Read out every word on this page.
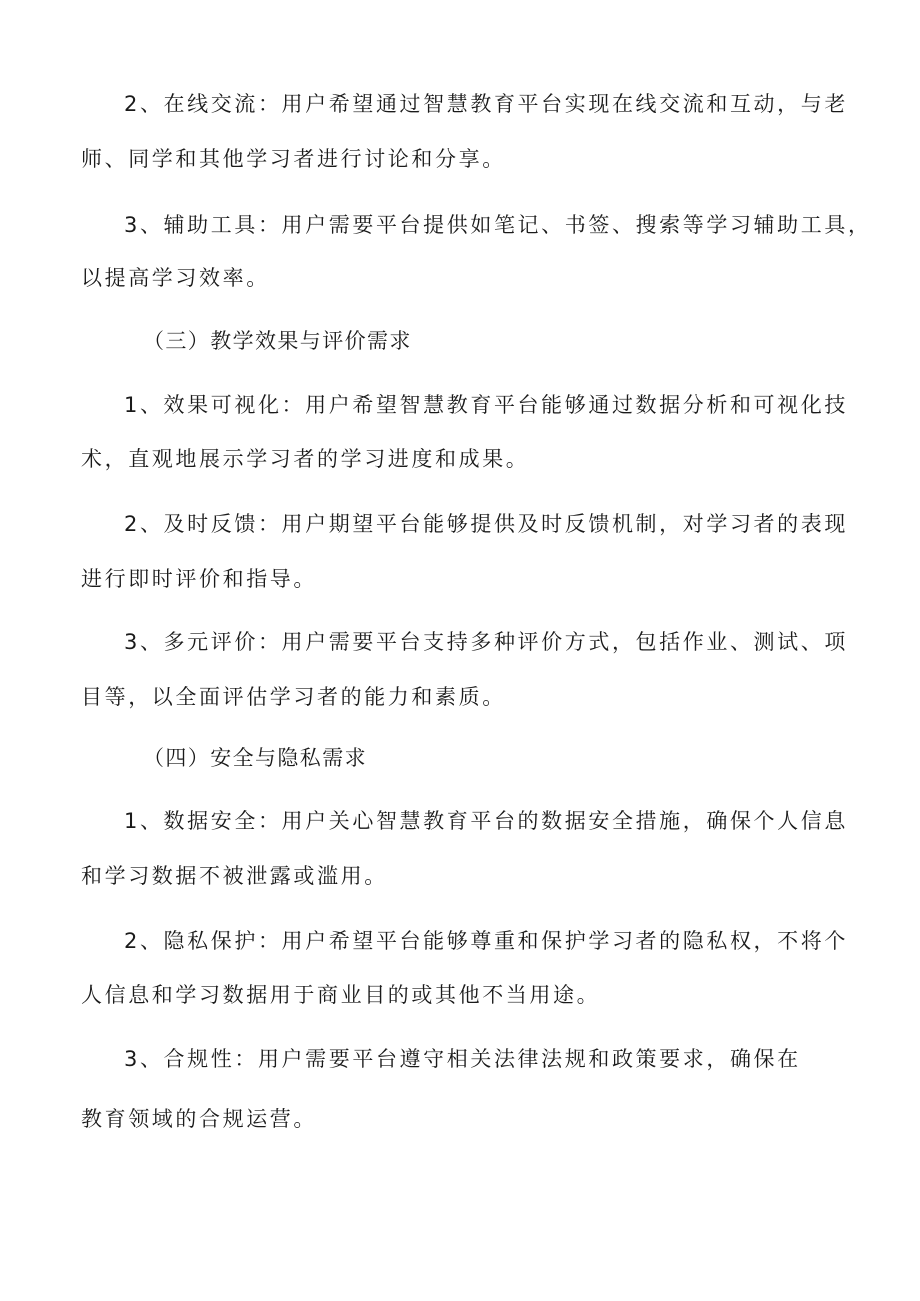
2、在线交流：用户希望通过智慧教育平台实现在线交流和互动，与老
师、同学和其他学习者进行讨论和分享。
3、辅助工具：用户需要平台提供如笔记、书签、搜索等学习辅助工具，
以提高学习效率。
（三）教学效果与评价需求
1、效果可视化：用户希望智慧教育平台能够通过数据分析和可视化技
术，直观地展示学习者的学习进度和成果。
2、及时反馈：用户期望平台能够提供及时反馈机制，对学习者的表现
进行即时评价和指导。
3、多元评价：用户需要平台支持多种评价方式，包括作业、测试、项
目等，以全面评估学习者的能力和素质。
（四）安全与隐私需求
1、数据安全：用户关心智慧教育平台的数据安全措施，确保个人信息
和学习数据不被泄露或滥用。
2、隐私保护：用户希望平台能够尊重和保护学习者的隐私权，不将个
人信息和学习数据用于商业目的或其他不当用途。
3、合规性：用户需要平台遵守相关法律法规和政策要求，确保在
教育领域的合规运营。
